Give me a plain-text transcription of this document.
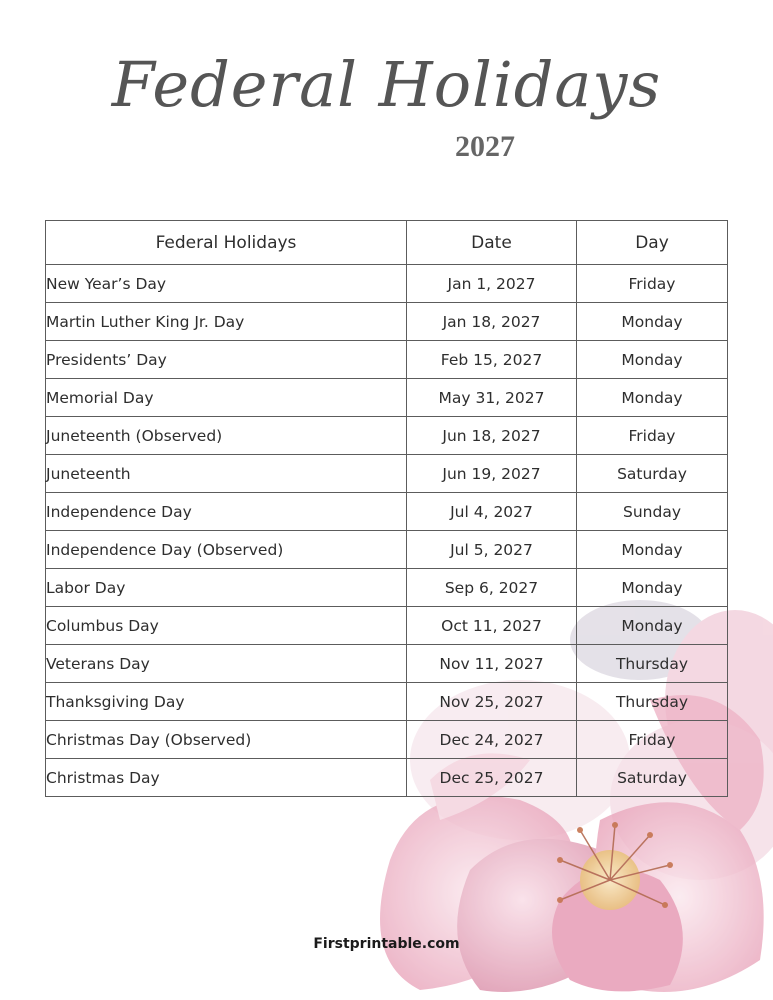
Federal Holidays
2027
Federal Holidays	Date	Day
New Year’s Day	Jan 1, 2027	Friday
Martin Luther King Jr. Day	Jan 18, 2027	Monday
Presidents’ Day	Feb 15, 2027	Monday
Memorial Day	May 31, 2027	Monday
Juneteenth (Observed)	Jun 18, 2027	Friday
Juneteenth	Jun 19, 2027	Saturday
Independence Day	Jul 4, 2027	Sunday
Independence Day (Observed)	Jul 5, 2027	Monday
Labor Day	Sep 6, 2027	Monday
Columbus Day	Oct 11, 2027	Monday
Veterans Day	Nov 11, 2027	Thursday
Thanksgiving Day	Nov 25, 2027	Thursday
Christmas Day (Observed)	Dec 24, 2027	Friday
Christmas Day	Dec 25, 2027	Saturday
Firstprintable.com
